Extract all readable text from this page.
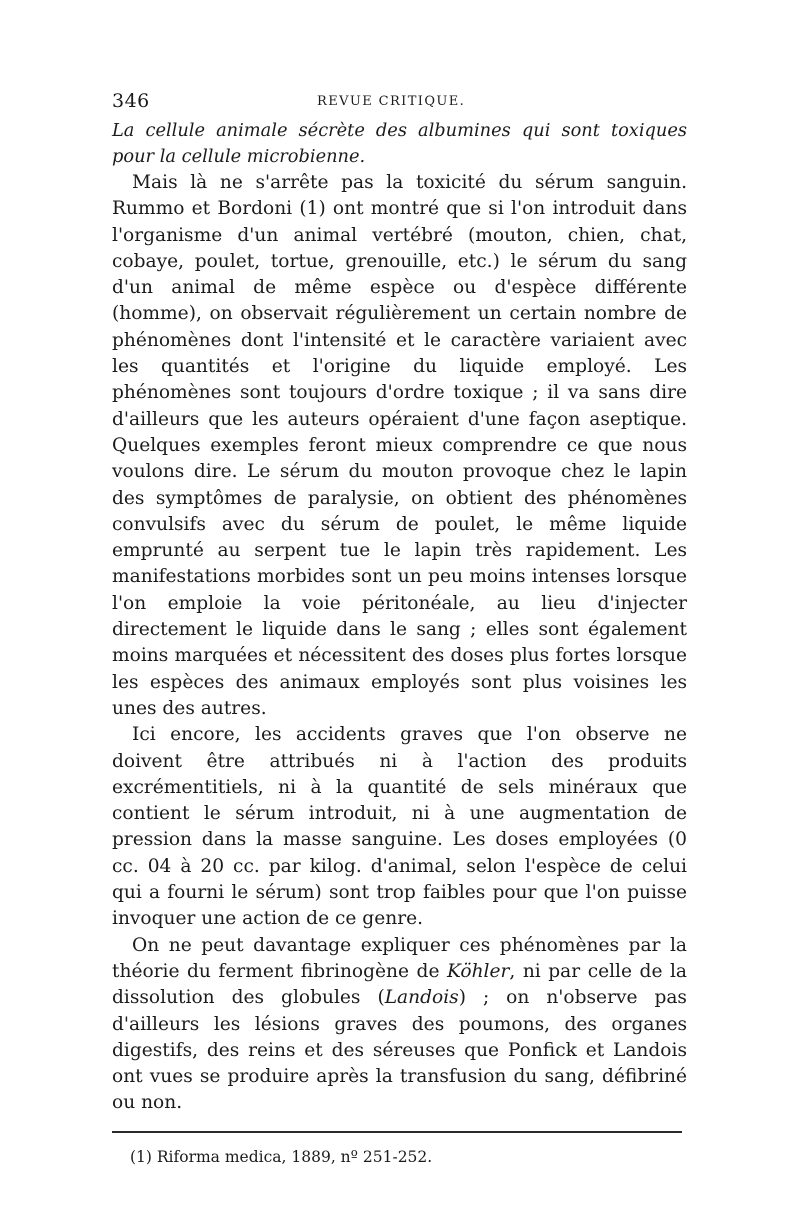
346	REVUE CRITIQUE.

La cellule animale sécrète des albumines qui sont toxiques pour la cellule microbienne.

Mais là ne s'arrête pas la toxicité du sérum sanguin. Rummo et Bordoni (1) ont montré que si l'on introduit dans l'organisme d'un animal vertébré (mouton, chien, chat, cobaye, poulet, tortue, grenouille, etc.) le sérum du sang d'un animal de même espèce ou d'espèce différente (homme), on observait régulièrement un certain nombre de phénomènes dont l'intensité et le caractère variaient avec les quantités et l'origine du liquide employé. Les phénomènes sont toujours d'ordre toxique ; il va sans dire d'ailleurs que les auteurs opéraient d'une façon aseptique. Quelques exemples feront mieux comprendre ce que nous voulons dire. Le sérum du mouton provoque chez le lapin des symptômes de paralysie, on obtient des phénomènes convulsifs avec du sérum de poulet, le même liquide emprunté au serpent tue le lapin très rapidement. Les manifestations morbides sont un peu moins intenses lorsque l'on emploie la voie péritonéale, au lieu d'injecter directement le liquide dans le sang ; elles sont également moins marquées et nécessitent des doses plus fortes lorsque les espèces des animaux employés sont plus voisines les unes des autres.

Ici encore, les accidents graves que l'on observe ne doivent être attribués ni à l'action des produits excrémentitiels, ni à la quantité de sels minéraux que contient le sérum introduit, ni à une augmentation de pression dans la masse sanguine. Les doses employées (0 cc. 04 à 20 cc. par kilog. d'animal, selon l'espèce de celui qui a fourni le sérum) sont trop faibles pour que l'on puisse invoquer une action de ce genre.

On ne peut davantage expliquer ces phénomènes par la théorie du ferment fibrinogène de Köhler, ni par celle de la dissolution des globules (Landois) ; on n'observe pas d'ailleurs les lésions graves des poumons, des organes digestifs, des reins et des séreuses que Ponfick et Landois ont vues se produire après la transfusion du sang, défibriné ou non.

(1) Riforma medica, 1889, nº 251-252.
